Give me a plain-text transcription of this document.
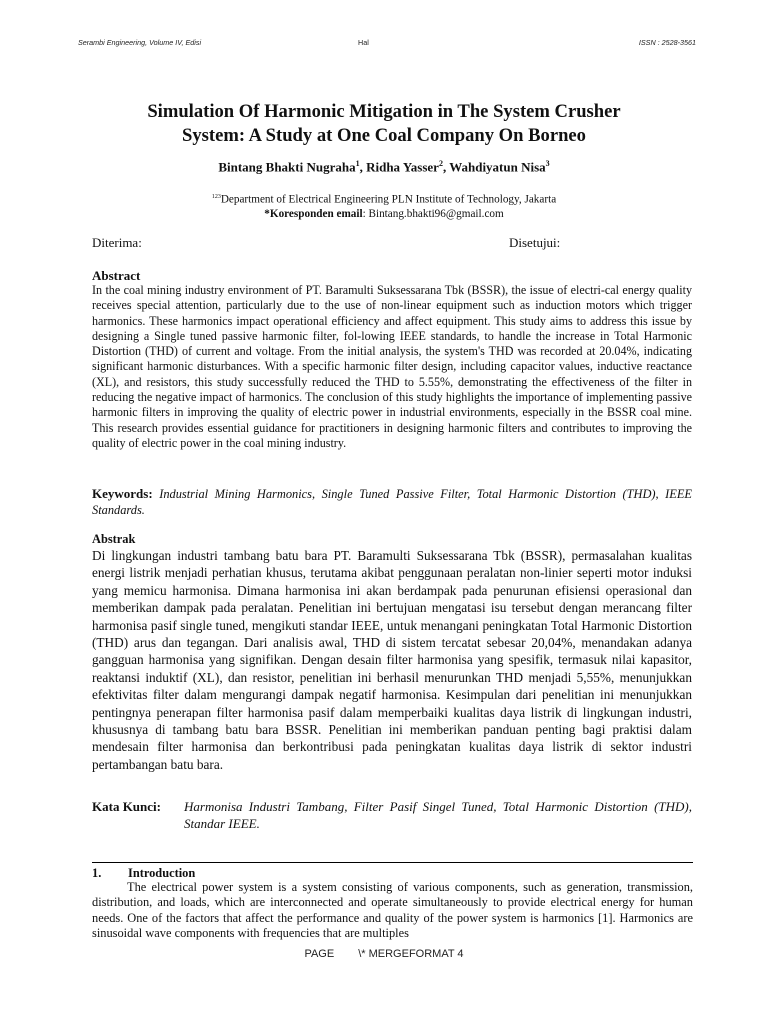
Serambi Engineering, Volume IV, Edisi	Hal	ISSN : 2528-3561
Simulation Of Harmonic Mitigation in The System Crusher
System: A Study at One Coal Company On Borneo
Bintang Bhakti Nugraha$^1$, Ridha Yasser$^2$, Wahdiyatun Nisa$^3$
$^{123}$Department of Electrical Engineering PLN Institute of Technology, Jakarta
*Koresponden email: Bintang.bhakti96@gmail.com
Diterima:	Disetujui:
Abstract
In the coal mining industry environment of PT. Baramulti Suksessarana Tbk (BSSR), the issue of electri-cal energy quality receives special attention, particularly due to the use of non-linear equipment such as induction motors which trigger harmonics. These harmonics impact operational efficiency and affect equipment. This study aims to address this issue by designing a Single tuned passive harmonic filter, fol-lowing IEEE standards, to handle the increase in Total Harmonic Distortion (THD) of current and voltage. From the initial analysis, the system's THD was recorded at 20.04%, indicating significant harmonic disturbances. With a specific harmonic filter design, including capacitor values, inductive reactance (XL), and resistors, this study successfully reduced the THD to 5.55%, demonstrating the effectiveness of the filter in reducing the negative impact of harmonics. The conclusion of this study highlights the importance of implementing passive harmonic filters in improving the quality of electric power in industrial environments, especially in the BSSR coal mine. This research provides essential guidance for practitioners in designing harmonic filters and contributes to improving the quality of electric power in the coal mining industry.
Keywords: Industrial Mining Harmonics, Single Tuned Passive Filter, Total Harmonic Distortion (THD), IEEE Standards.
Abstrak
Di lingkungan industri tambang batu bara PT. Baramulti Suksessarana Tbk (BSSR), permasalahan kualitas energi listrik menjadi perhatian khusus, terutama akibat penggunaan peralatan non-linier seperti motor induksi yang memicu harmonisa. Dimana harmonisa ini akan berdampak pada penurunan efisiensi operasional dan memberikan dampak pada peralatan. Penelitian ini bertujuan mengatasi isu tersebut dengan merancang filter harmonisa pasif single tuned, mengikuti standar IEEE, untuk menangani peningkatan Total Harmonic Distortion (THD) arus dan tegangan. Dari analisis awal, THD di sistem tercatat sebesar 20,04%, menandakan adanya gangguan harmonisa yang signifikan. Dengan desain filter harmonisa yang spesifik, termasuk nilai kapasitor, reaktansi induktif (XL), dan resistor, penelitian ini berhasil menurunkan THD menjadi 5,55%, menunjukkan efektivitas filter dalam mengurangi dampak negatif harmonisa. Kesimpulan dari penelitian ini menunjukkan pentingnya penerapan filter harmonisa pasif dalam memperbaiki kualitas daya listrik di lingkungan industri, khususnya di tambang batu bara BSSR. Penelitian ini memberikan panduan penting bagi praktisi dalam mendesain filter harmonisa dan berkontribusi pada peningkatan kualitas daya listrik di sektor industri pertambangan batu bara.
Kata Kunci: Harmonisa Industri Tambang, Filter Pasif Singel Tuned, Total Harmonic Distortion (THD), Standar IEEE.
1. Introduction
The electrical power system is a system consisting of various components, such as generation, transmission, distribution, and loads, which are interconnected and operate simultaneously to provide electrical energy for human needs. One of the factors that affect the performance and quality of the power system is harmonics [1]. Harmonics are sinusoidal wave components with frequencies that are multiples
PAGE \* MERGEFORMAT 4
